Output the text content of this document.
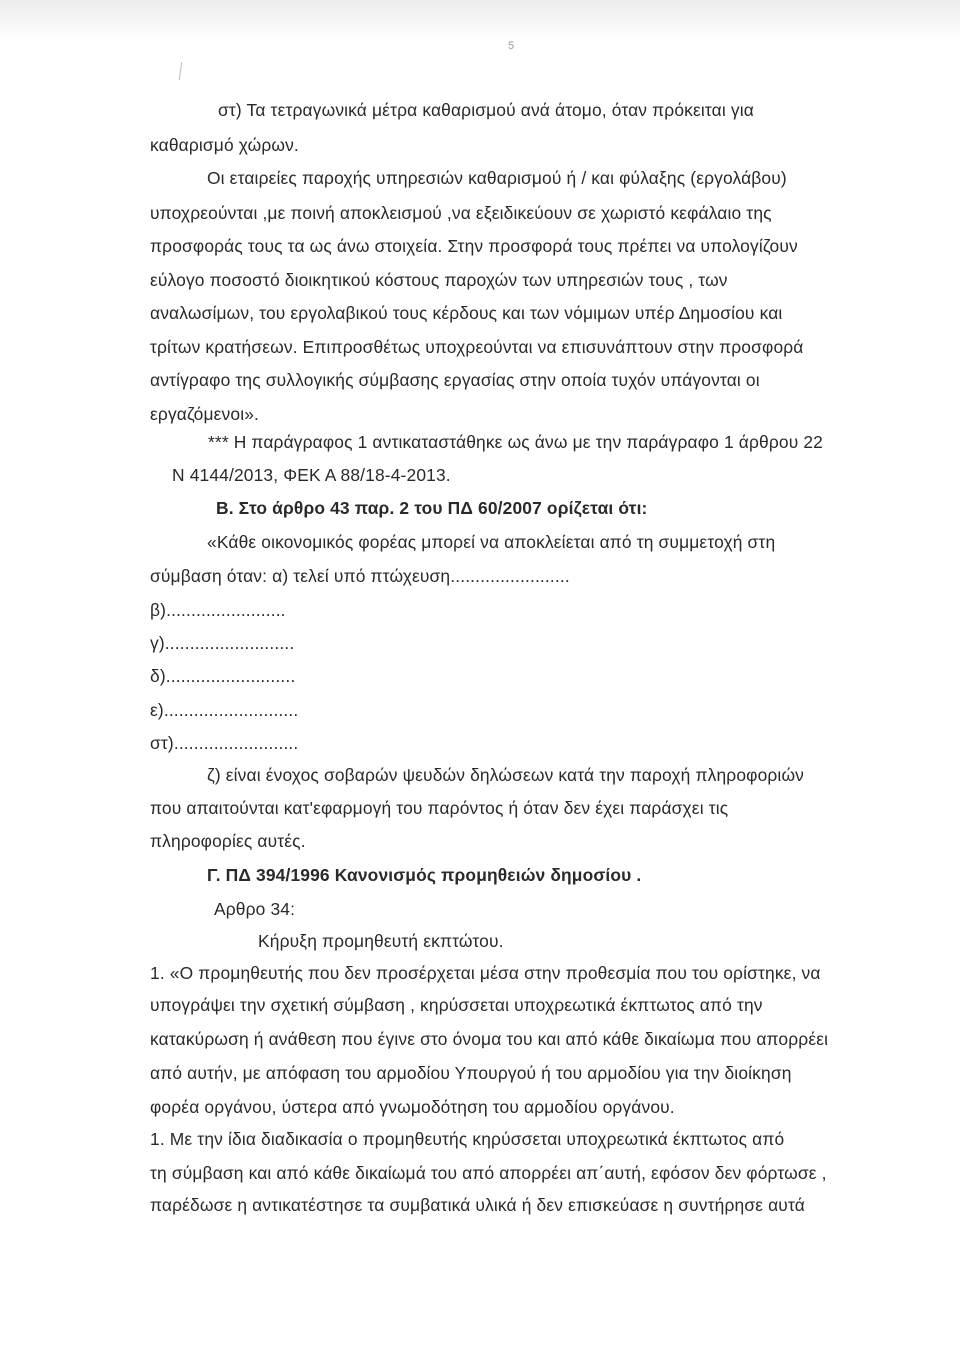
5
στ) Τα τετραγωνικά μέτρα καθαρισμού ανά άτομο, όταν πρόκειται για
καθαρισμό χώρων.
Οι εταιρείες παροχής υπηρεσιών καθαρισμού ή / και φύλαξης (εργολάβου)
υποχρεούνται ,με ποινή αποκλεισμού ,να εξειδικεύουν σε χωριστό κεφάλαιο της
προσφοράς τους τα ως άνω στοιχεία. Στην προσφορά τους πρέπει να υπολογίζουν
εύλογο ποσοστό διοικητικού κόστους παροχών των υπηρεσιών τους , των
αναλωσίμων, του εργολαβικού τους κέρδους και των νόμιμων υπέρ Δημοσίου και
τρίτων κρατήσεων. Επιπροσθέτως υποχρεούνται να επισυνάπτουν στην προσφορά
αντίγραφο της συλλογικής σύμβασης εργασίας στην οποία τυχόν υπάγονται οι
εργαζόμενοι».
*** Η παράγραφος 1 αντικαταστάθηκε ως άνω με την παράγραφο 1 άρθρου 22
Ν 4144/2013, ΦΕΚ Α 88/18-4-2013.
Β. Στο άρθρο 43 παρ. 2 του ΠΔ 60/2007 ορίζεται ότι:
«Κάθε οικονομικός φορέας μπορεί να αποκλείεται από τη συμμετοχή στη
σύμβαση όταν: α) τελεί υπό πτώχευση........................
β)........................
γ)..........................
δ)..........................
ε)...........................
στ).........................
ζ) είναι ένοχος σοβαρών ψευδών δηλώσεων κατά την παροχή πληροφοριών
που απαιτούνται κατ'εφαρμογή του παρόντος ή όταν δεν έχει παράσχει τις
πληροφορίες αυτές.
Γ. ΠΔ 394/1996 Κανονισμός προμηθειών δημοσίου .
Αρθρο 34:
Κήρυξη προμηθευτή εκπτώτου.
1. «Ο προμηθευτής που δεν προσέρχεται μέσα στην προθεσμία που του ορίστηκε, να
υπογράψει την σχετική σύμβαση , κηρύσσεται υποχρεωτικά έκπτωτος από την
κατακύρωση ή ανάθεση που έγινε στο όνομα του και από κάθε δικαίωμα που απορρέει
από αυτήν, με απόφαση του αρμοδίου Υπουργού ή του αρμοδίου για την διοίκηση
φορέα οργάνου, ύστερα από γνωμοδότηση του αρμοδίου οργάνου.
1. Με την ίδια διαδικασία ο προμηθευτής κηρύσσεται υποχρεωτικά έκπτωτος από
τη σύμβαση και από κάθε δικαίωμά του από απορρέει απ΄αυτή, εφόσον δεν φόρτωσε ,
παρέδωσε η αντικατέστησε τα συμβατικά υλικά ή δεν επισκεύασε η συντήρησε αυτά
